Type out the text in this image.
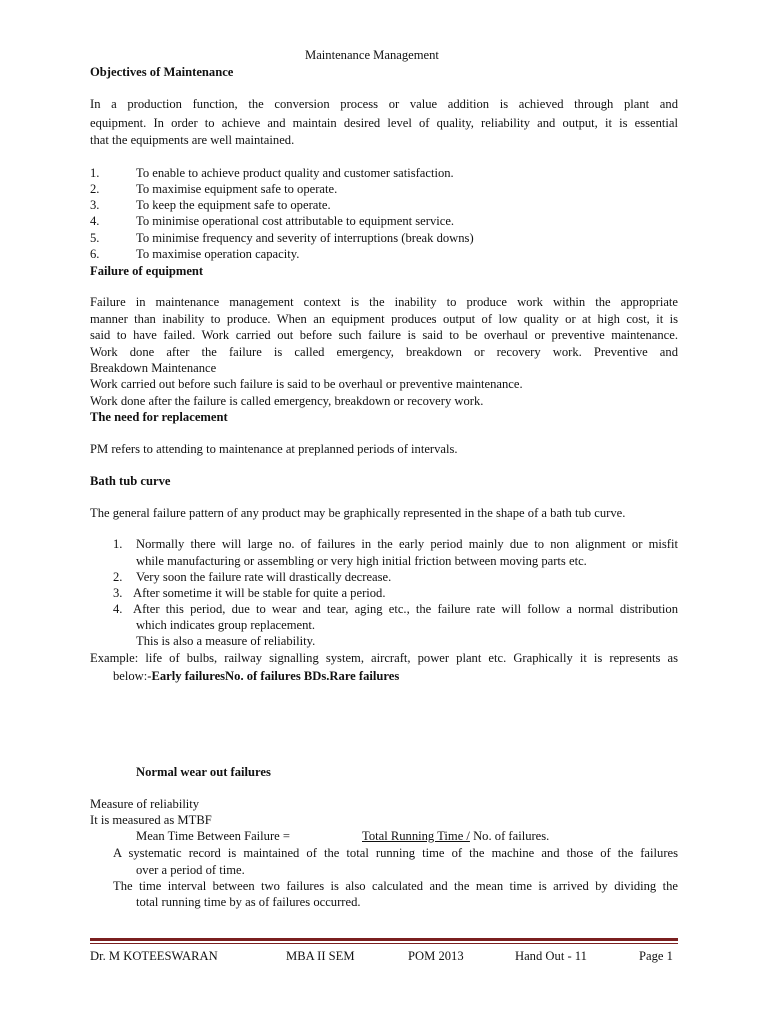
Maintenance Management
Objectives of Maintenance
In a production function, the conversion process or value addition is achieved through plant and
equipment. In order to achieve and maintain desired level of quality, reliability and output, it is essential
that the equipments are well maintained.
1.	To enable to achieve product quality and customer satisfaction.
2.	To maximise equipment safe to operate.
3.	To keep the equipment safe to operate.
4.	To minimise operational cost attributable to equipment service.
5.	To minimise frequency and severity of interruptions (break downs)
6.	To maximise operation capacity.
Failure of equipment
Failure in maintenance management context is the inability to produce work within the appropriate
manner than inability to produce. When an equipment produces output of low quality or at high cost, it is
said to have failed. Work carried out before such failure is said to be overhaul or preventive maintenance.
Work done after the failure is called emergency, breakdown or recovery work. Preventive and
Breakdown Maintenance
Work carried out before such failure is said to be overhaul or preventive maintenance.
Work done after the failure is called emergency, breakdown or recovery work.
The need for replacement
PM refers to attending to maintenance at preplanned periods of intervals.
Bath tub curve
The general failure pattern of any product may be graphically represented in the shape of a bath tub curve.
1. Normally there will large no. of failures in the early period mainly due to non alignment or misfit
while manufacturing or assembling or very high initial friction between moving parts etc.
2. Very soon the failure rate will drastically decrease.
3. After sometime it will be stable for quite a period.
4. After this period, due to wear and tear, aging etc., the failure rate will follow a normal distribution
which indicates group replacement.
This is also a measure of reliability.
Example: life of bulbs, railway signalling system, aircraft, power plant etc. Graphically it is represents as
below:-Early failuresNo. of failures BDs.Rare failures
Normal wear out failures
Measure of reliability
It is measured as MTBF
Mean Time Between Failure =	Total Running Time / No. of failures.
A systematic record is maintained of the total running time of the machine and those of the failures
over a period of time.
The time interval between two failures is also calculated and the mean time is arrived by dividing the
total running time by as of failures occurred.
Dr. M KOTEESWARAN	MBA II SEM	POM 2013	Hand Out - 11	Page 1
